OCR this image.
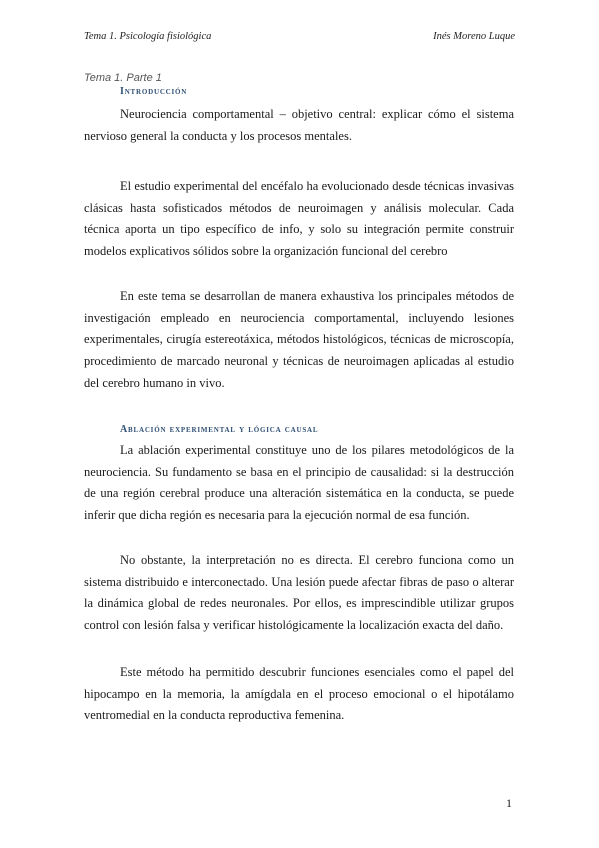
Tema 1. Psicología fisiológica	Inés Moreno Luque
Tema 1. Parte 1
Introducción

Neurociencia comportamental – objetivo central: explicar cómo el sistema nervioso general la conducta y los procesos mentales.

El estudio experimental del encéfalo ha evolucionado desde técnicas invasivas clásicas hasta sofisticados métodos de neuroimagen y análisis molecular. Cada técnica aporta un tipo específico de info, y solo su integración permite construir modelos explicativos sólidos sobre la organización funcional del cerebro

En este tema se desarrollan de manera exhaustiva los principales métodos de investigación empleado en neurociencia comportamental, incluyendo lesiones experimentales, cirugía estereotáxica, métodos histológicos, técnicas de microscopía, procedimiento de marcado neuronal y técnicas de neuroimagen aplicadas al estudio del cerebro humano in vivo.

Ablación experimental y lógica causal

La ablación experimental constituye uno de los pilares metodológicos de la neurociencia. Su fundamento se basa en el principio de causalidad: si la destrucción de una región cerebral produce una alteración sistemática en la conducta, se puede inferir que dicha región es necesaria para la ejecución normal de esa función.

No obstante, la interpretación no es directa. El cerebro funciona como un sistema distribuido e interconectado. Una lesión puede afectar fibras de paso o alterar la dinámica global de redes neuronales. Por ellos, es imprescindible utilizar grupos control con lesión falsa y verificar histológicamente la localización exacta del daño.

Este método ha permitido descubrir funciones esenciales como el papel del hipocampo en la memoria, la amígdala en el proceso emocional o el hipotálamo ventromedial en la conducta reproductiva femenina.

1
